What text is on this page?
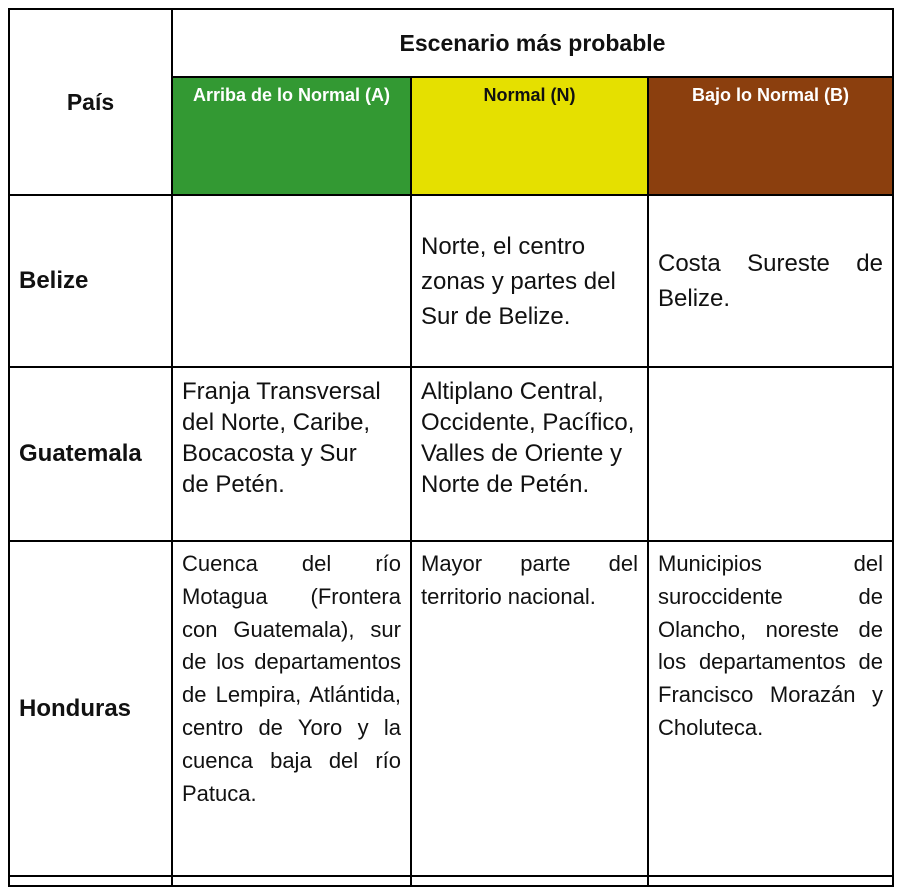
País	Escenario más probable		

	Arriba de lo Normal (A)	Normal (N)	Bajo lo Normal (B)

Belize		Norte, el centro zonas y partes del Sur de Belize.	Costa Sureste de Belize.

Guatemala	Franja Transversal del Norte, Caribe, Bocacosta y Sur de Petén.	Altiplano Central, Occidente, Pacífico, Valles de Oriente y Norte de Petén.	

Honduras	Cuenca del río Motagua (Frontera con Guatemala), sur de los departamentos de Lempira, Atlántida, centro de Yoro y la cuenca baja del río Patuca.	Mayor parte del territorio nacional.	Municipios del suroccidente de Olancho, noreste de los departamentos de Francisco Morazán y Choluteca.
